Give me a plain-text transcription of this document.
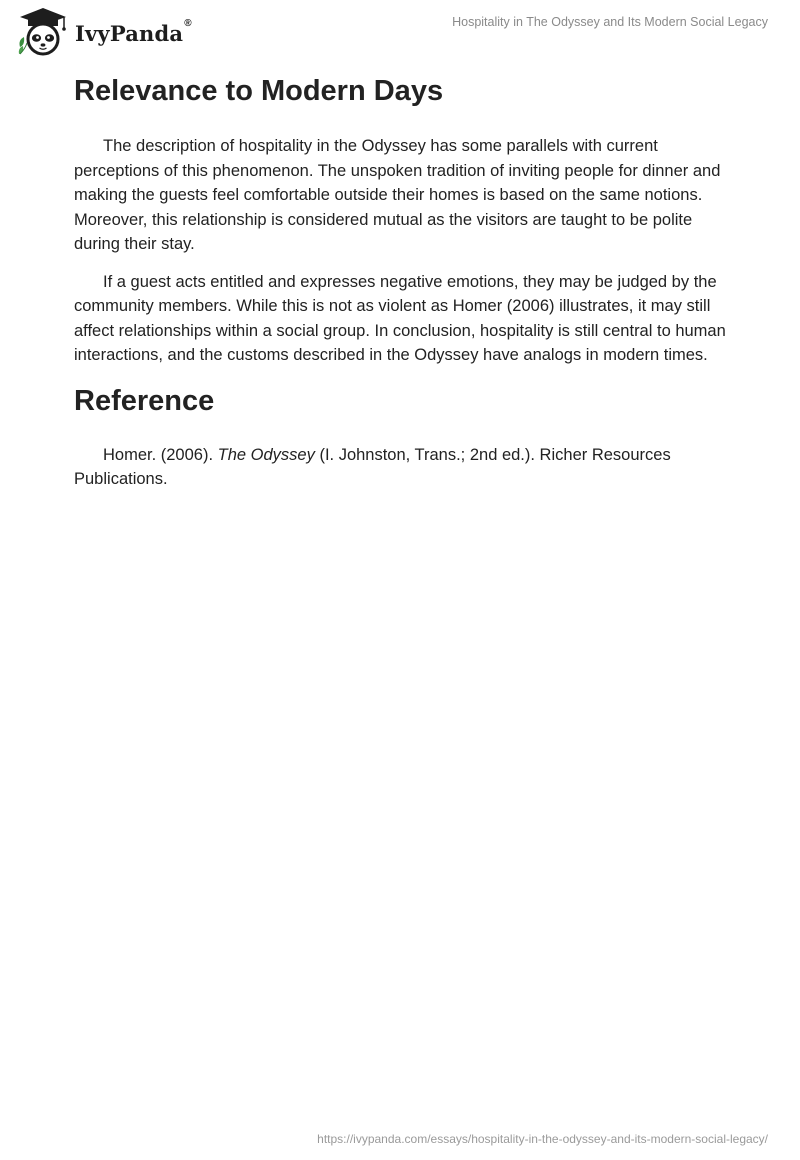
IvyPanda ®	Hospitality in The Odyssey and Its Modern Social Legacy
Relevance to Modern Days

The description of hospitality in the Odyssey has some parallels with current perceptions of this phenomenon. The unspoken tradition of inviting people for dinner and making the guests feel comfortable outside their homes is based on the same notions. Moreover, this relationship is considered mutual as the visitors are taught to be polite during their stay.

If a guest acts entitled and expresses negative emotions, they may be judged by the community members. While this is not as violent as Homer (2006) illustrates, it may still affect relationships within a social group. In conclusion, hospitality is still central to human interactions, and the customs described in the Odyssey have analogs in modern times.

Reference

Homer. (2006). The Odyssey (I. Johnston, Trans.; 2nd ed.). Richer Resources Publications.

https://ivypanda.com/essays/hospitality-in-the-odyssey-and-its-modern-social-legacy/
